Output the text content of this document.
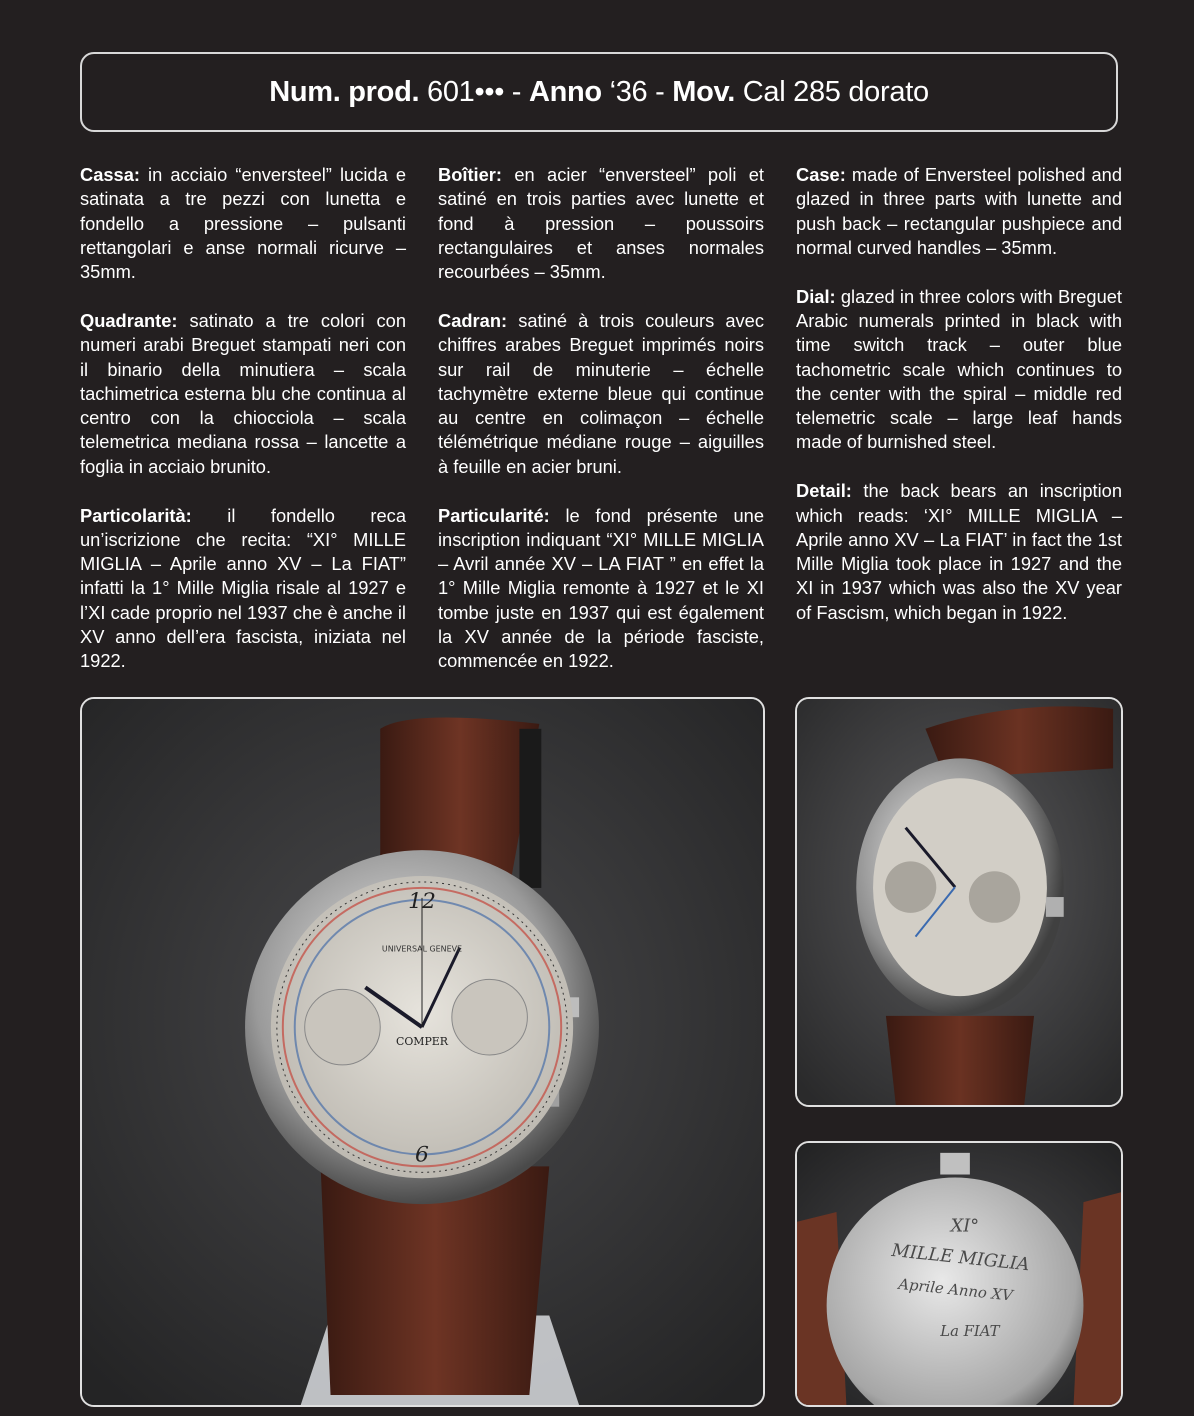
Num. prod. 601••• - Anno ‘36 - Mov. Cal 285 dorato

Cassa: in acciaio “enversteel” lucida e satinata a tre pezzi con lunetta e fondello a pressione – pulsanti rettangolari e anse normali ricurve – 35mm.

Quadrante: satinato a tre colori con numeri arabi Breguet stampati neri con il binario della minutiera – scala tachimetrica esterna blu che continua al centro con la chiocciola – scala telemetrica mediana rossa – lancette a foglia in acciaio brunito.

Particolarità: il fondello reca un’iscrizione che recita: “XI° MILLE MIGLIA – Aprile anno XV – La FIAT” infatti la 1° Mille Miglia risale al 1927 e l’XI cade proprio nel 1937 che è anche il XV anno dell’era fascista, iniziata nel 1922.

Boîtier: en acier “enversteel” poli et satiné en trois parties avec lunette et fond à pression – poussoirs rectangulaires et anses normales recourbées – 35mm.

Cadran: satiné à trois couleurs avec chiffres arabes Breguet imprimés noirs sur rail de minuterie – échelle tachymètre externe bleue qui continue au centre en colimaçon – échelle télémétrique médiane rouge – aiguilles à feuille en acier bruni.

Particularité: le fond présente une inscription indiquant “XI° MILLE MIGLIA – Avril année XV – LA FIAT ” en effet la 1° Mille Miglia remonte à 1927 et le XI tombe juste en 1937 qui est également la XV année de la période fasciste, commencée en 1922.

Case: made of Enversteel polished and glazed in three parts with lunette and push back – rectangular pushpiece and normal curved handles – 35mm.

Dial: glazed in three colors with Breguet Arabic numerals printed in black with time switch track – outer blue tachometric scale which continues to the center with the spiral – middle red telemetric scale – large leaf hands made of burnished steel.

Detail: the back bears an inscription which reads: ‘XI° MILLE MIGLIA – Aprile anno XV – La FIAT’ in fact the 1st Mille Miglia took place in 1927 and the XI in 1937 which was also the XV year of Fascism, which began in 1922.

12
6
UNIVERSAL GENEVE
COMPER
XI°
MILLE MIGLIA
Aprile Anno XV
La FIAT
